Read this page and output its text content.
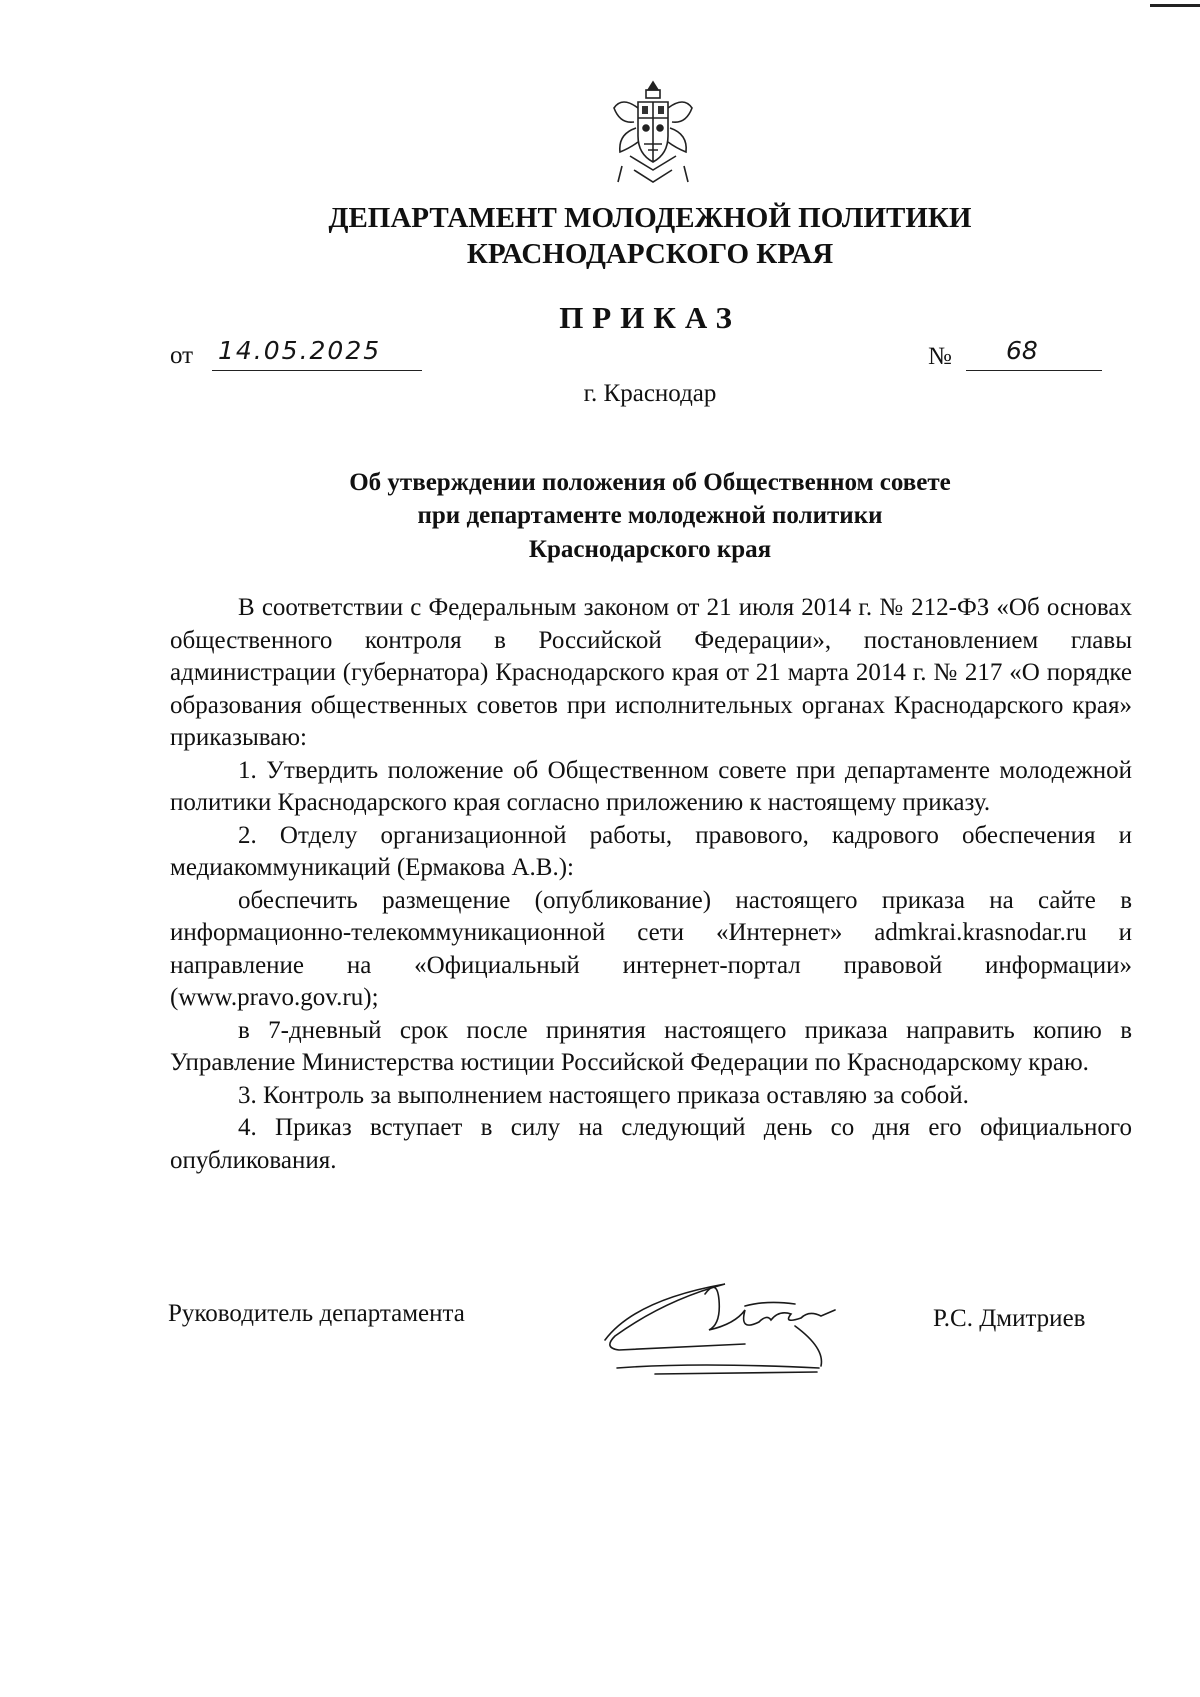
ДЕПАРТАМЕНТ МОЛОДЕЖНОЙ ПОЛИТИКИ
КРАСНОДАРСКОГО КРАЯ
ПРИКАЗ
от 14.05.2025	№ 68
г. Краснодар
Об утверждении положения об Общественном совете
при департаменте молодежной политики
Краснодарского края

В соответствии с Федеральным законом от 21 июля 2014 г. № 212-ФЗ «Об основах общественного контроля в Российской Федерации», постановлением главы администрации (губернатора) Краснодарского края от 21 марта 2014 г. № 217 «О порядке образования общественных советов при исполнительных органах Краснодарского края» приказываю:

1. Утвердить положение об Общественном совете при департаменте молодежной политики Краснодарского края согласно приложению к настоящему приказу.

2. Отделу организационной работы, правового, кадрового обеспечения и медиакоммуникаций (Ермакова А.В.):

обеспечить размещение (опубликование) настоящего приказа на сайте в информационно-телекоммуникационной сети «Интернет» admkrai.krasnodar.ru и направление на «Официальный интернет-портал правовой информации» (www.pravo.gov.ru);

в 7-дневный срок после принятия настоящего приказа направить копию в Управление Министерства юстиции Российской Федерации по Краснодарскому краю.

3. Контроль за выполнением настоящего приказа оставляю за собой.

4. Приказ вступает в силу на следующий день со дня его официального опубликования.

Руководитель департамента	Р.С. Дмитриев
